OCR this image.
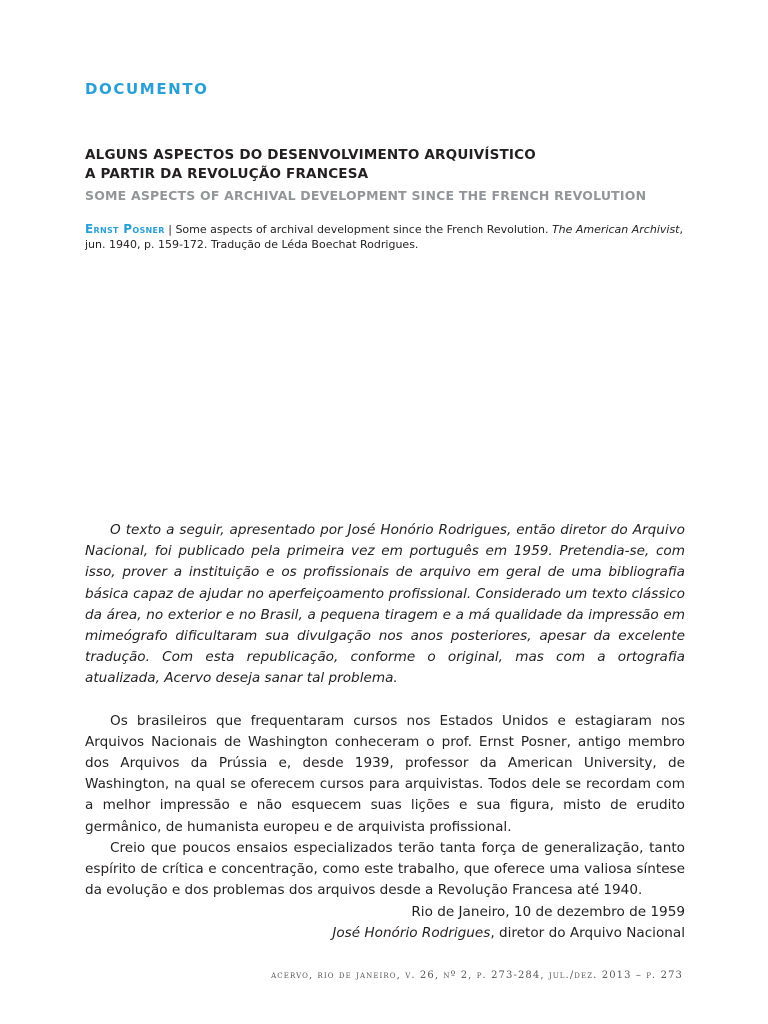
DOCUMENTO
ALGUNS ASPECTOS DO DESENVOLVIMENTO ARQUIVÍSTICO
A PARTIR DA REVOLUÇÃO FRANCESA
SOME ASPECTS OF ARCHIVAL DEVELOPMENT SINCE THE FRENCH REVOLUTION
Ernst Posner | Some aspects of archival development since the French Revolution. The American Archivist, jun. 1940, p. 159-172. Tradução de Léda Boechat Rodrigues.

O texto a seguir, apresentado por José Honório Rodrigues, então diretor do Arquivo Nacional, foi publicado pela primeira vez em português em 1959. Pretendia-se, com isso, prover a instituição e os profissionais de arquivo em geral de uma bibliografia básica capaz de ajudar no aperfeiçoamento profissional. Considerado um texto clássico da área, no exterior e no Brasil, a pequena tiragem e a má qualidade da impressão em mimeógrafo dificultaram sua divulgação nos anos posteriores, apesar da excelente tradução. Com esta republicação, conforme o original, mas com a ortografia atualizada, Acervo deseja sanar tal problema.

Os brasileiros que frequentaram cursos nos Estados Unidos e estagiaram nos Arquivos Nacionais de Washington conheceram o prof. Ernst Posner, antigo membro dos Arquivos da Prússia e, desde 1939, professor da American University, de Washington, na qual se oferecem cursos para arquivistas. Todos dele se recordam com a melhor impressão e não esquecem suas lições e sua figura, misto de erudito germânico, de humanista europeu e de arquivista profissional.

Creio que poucos ensaios especializados terão tanta força de generalização, tanto espírito de crítica e concentração, como este trabalho, que oferece uma valiosa síntese da evolução e dos problemas dos arquivos desde a Revolução Francesa até 1940.

Rio de Janeiro, 10 de dezembro de 1959
José Honório Rodrigues, diretor do Arquivo Nacional
acervo, rio de janeiro, v. 26, nº 2, p. 273-284, jul./dez. 2013 – p. 273
